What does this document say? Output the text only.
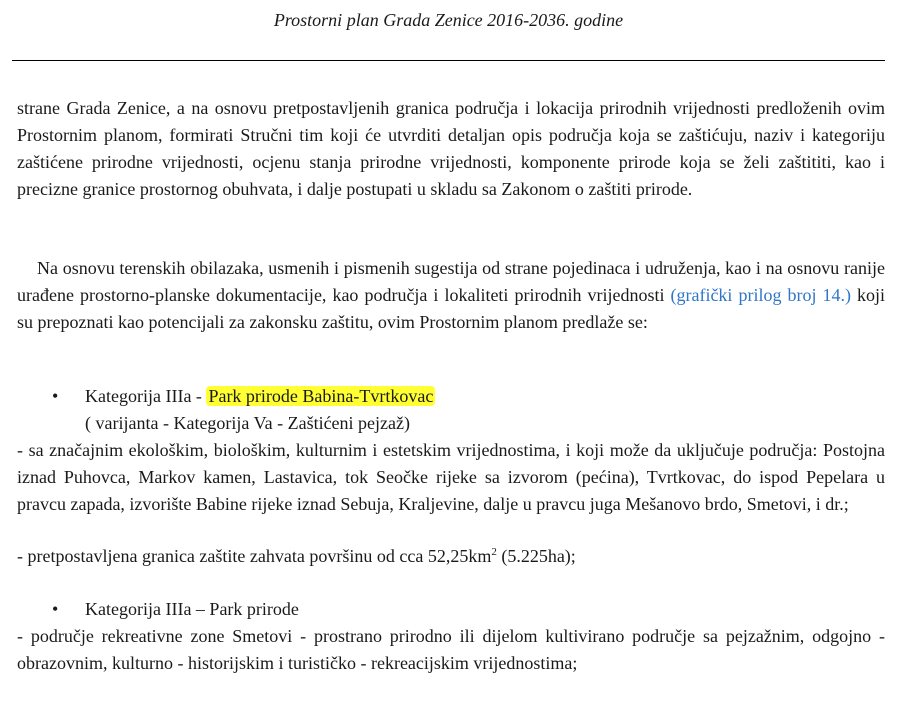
Prostorni plan Grada Zenice 2016-2036. godine
strane Grada Zenice, a na osnovu pretpostavljenih granica područja i lokacija prirodnih vrijednosti predloženih ovim Prostornim planom, formirati Stručni tim koji će utvrditi detaljan opis područja koja se zaštićuju, naziv i kategoriju zaštićene prirodne vrijednosti, ocjenu stanja prirodne vrijednosti, komponente prirode koja se želi zaštititi, kao i precizne granice prostornog obuhvata, i dalje postupati u skladu sa Zakonom o zaštiti prirode.
Na osnovu terenskih obilazaka, usmenih i pismenih sugestija od strane pojedinaca i udruženja, kao i na osnovu ranije urađene prostorno-planske dokumentacije, kao područja i lokaliteti prirodnih vrijednosti (grafički prilog broj 14.) koji su prepoznati kao potencijali za zakonsku zaštitu, ovim Prostornim planom predlaže se:
• Kategorija IIIa - Park prirode Babina-Tvrtkovac
( varijanta - Kategorija Va - Zaštićeni pejzaž)
- sa značajnim ekološkim, biološkim, kulturnim i estetskim vrijednostima, i koji može da uključuje područja: Postojna iznad Puhovca, Markov kamen, Lastavica, tok Seočke rijeke sa izvorom (pećina), Tvrtkovac, do ispod Pepelara u pravcu zapada, izvorište Babine rijeke iznad Sebuja, Kraljevine, dalje u pravcu juga Mešanovo brdo, Smetovi, i dr.;
- pretpostavljena granica zaštite zahvata površinu od cca $52,25km^2$ (5.225ha);
• Kategorija IIIa – Park prirode
- područje rekreativne zone Smetovi - prostrano prirodno ili dijelom kultivirano područje sa pejzažnim, odgojno - obrazovnim, kulturno - historijskim i turističko - rekreacijskim vrijednostima;
